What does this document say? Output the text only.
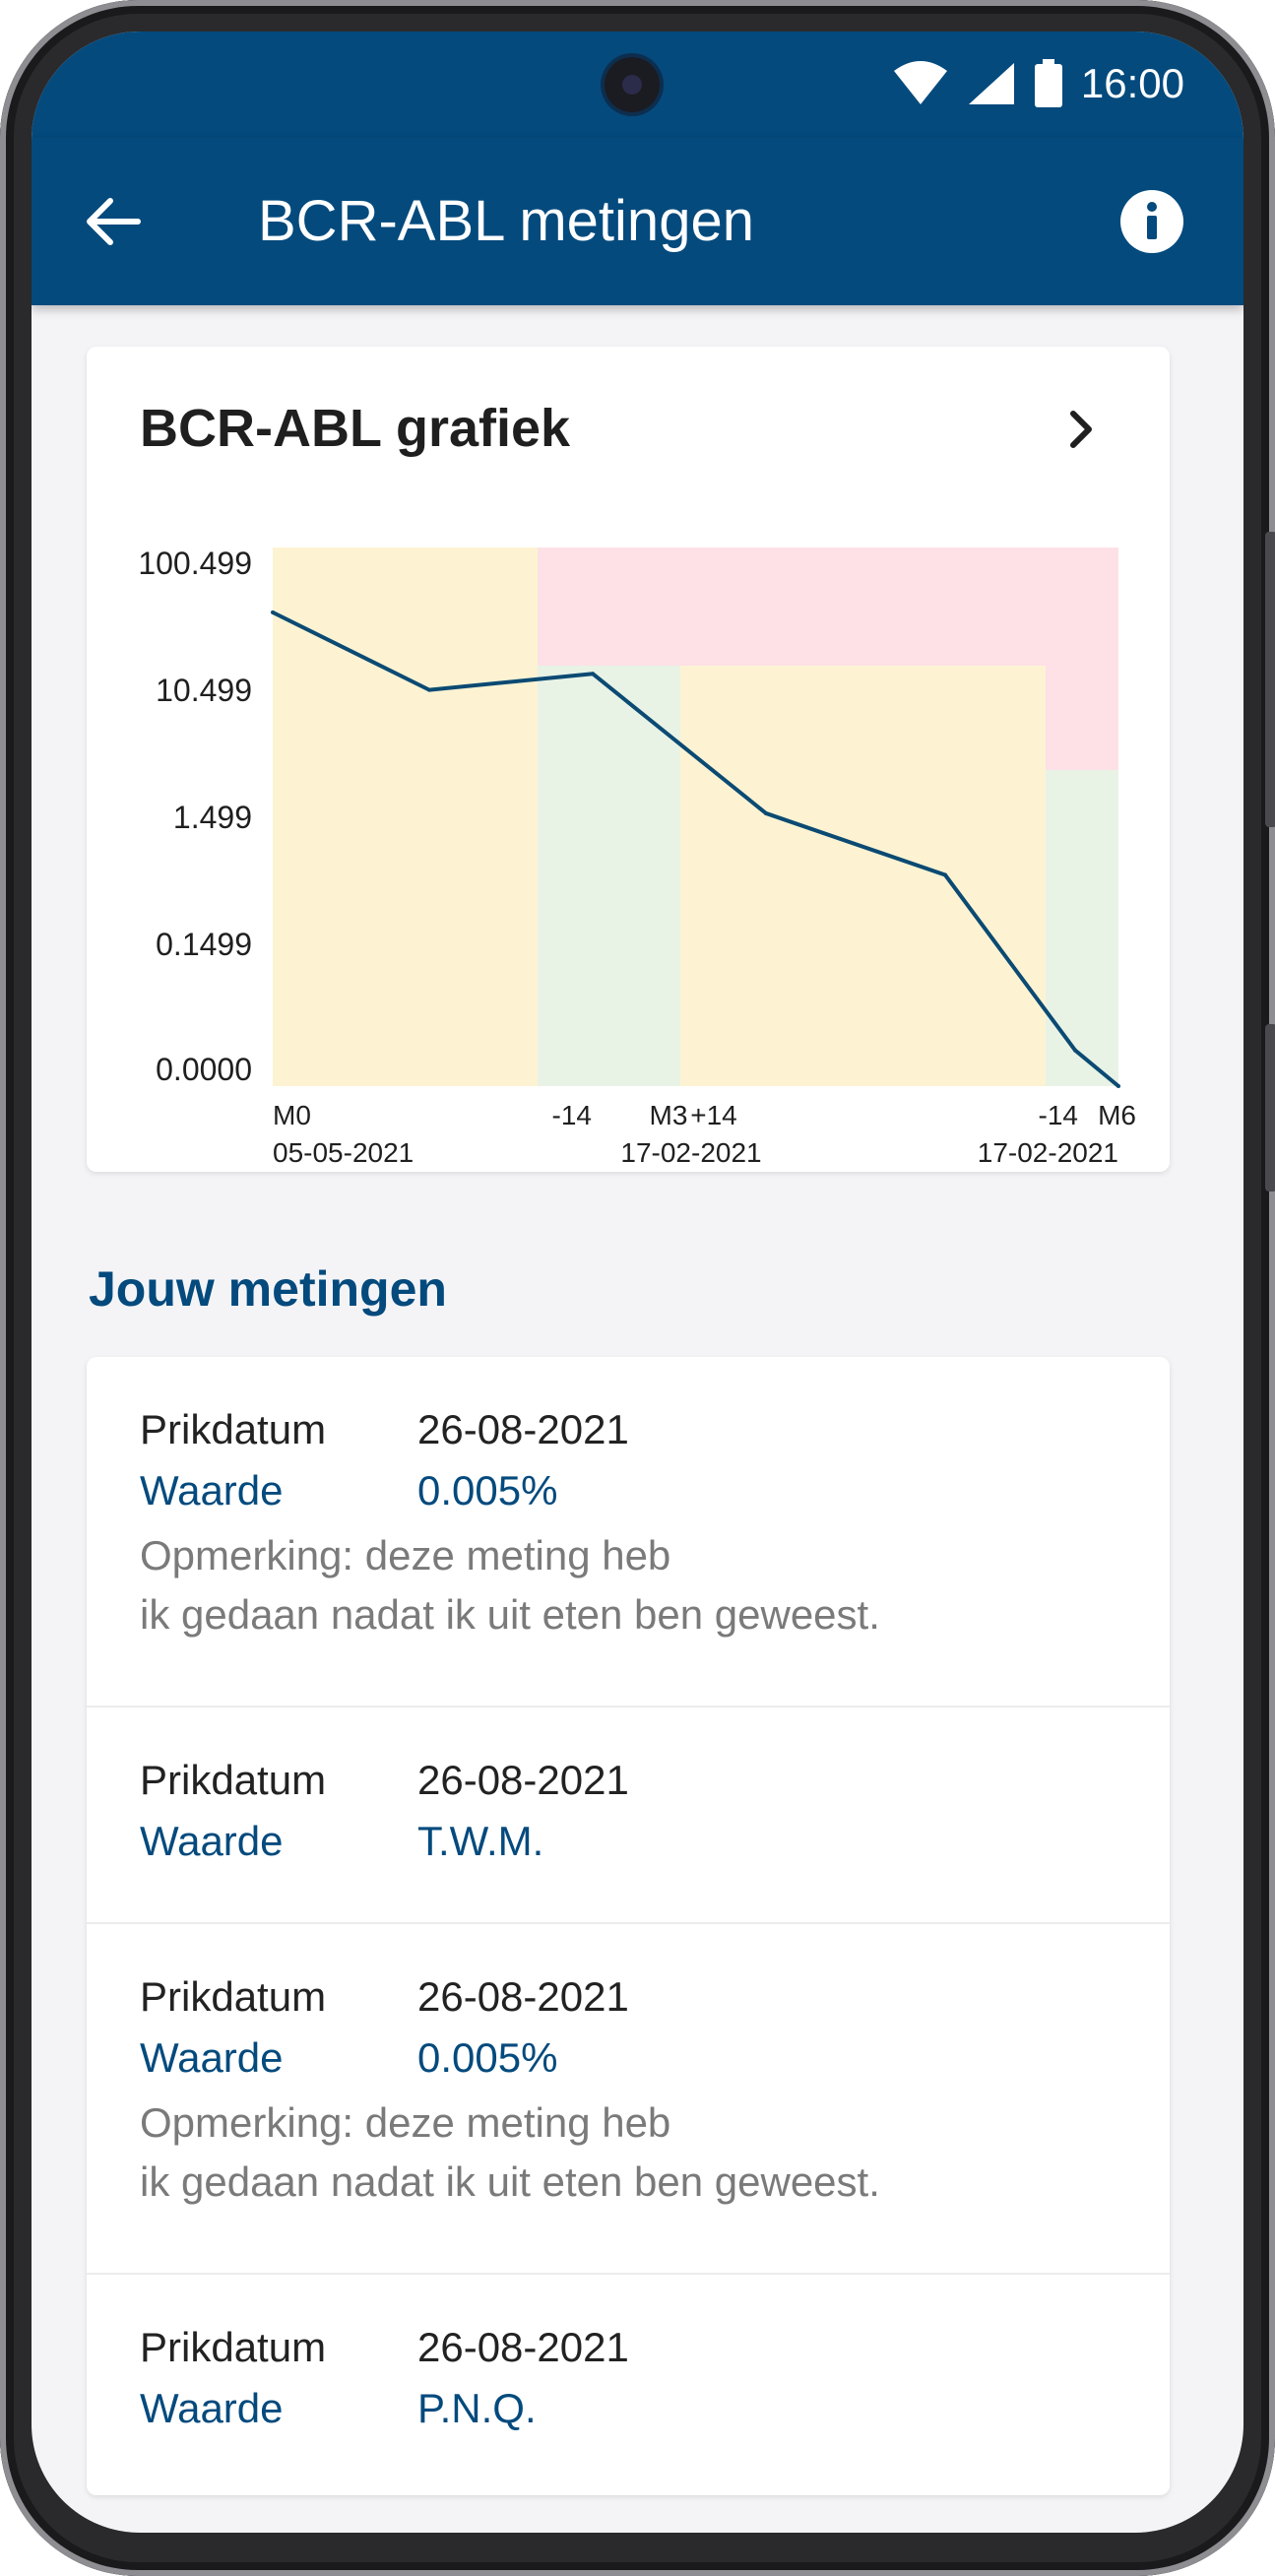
16:00
BCR-ABL metingen
BCR-ABL grafiek
100.499
10.499
1.499
0.1499
0.0000
M0	-14 M3 +14	-14 M6
05-05-2021	17-02-2021	17-02-2021
Jouw metingen
Prikdatum 26-08-2021
Waarde	0.005%
Opmerking: deze meting heb
ik gedaan nadat ik uit eten ben geweest.
Prikdatum 26-08-2021
Waarde	T.W.M.
Prikdatum 26-08-2021
Waarde	0.005%
Opmerking: deze meting heb
ik gedaan nadat ik uit eten ben geweest.
Prikdatum 26-08-2021
Waarde	P.N.Q.
